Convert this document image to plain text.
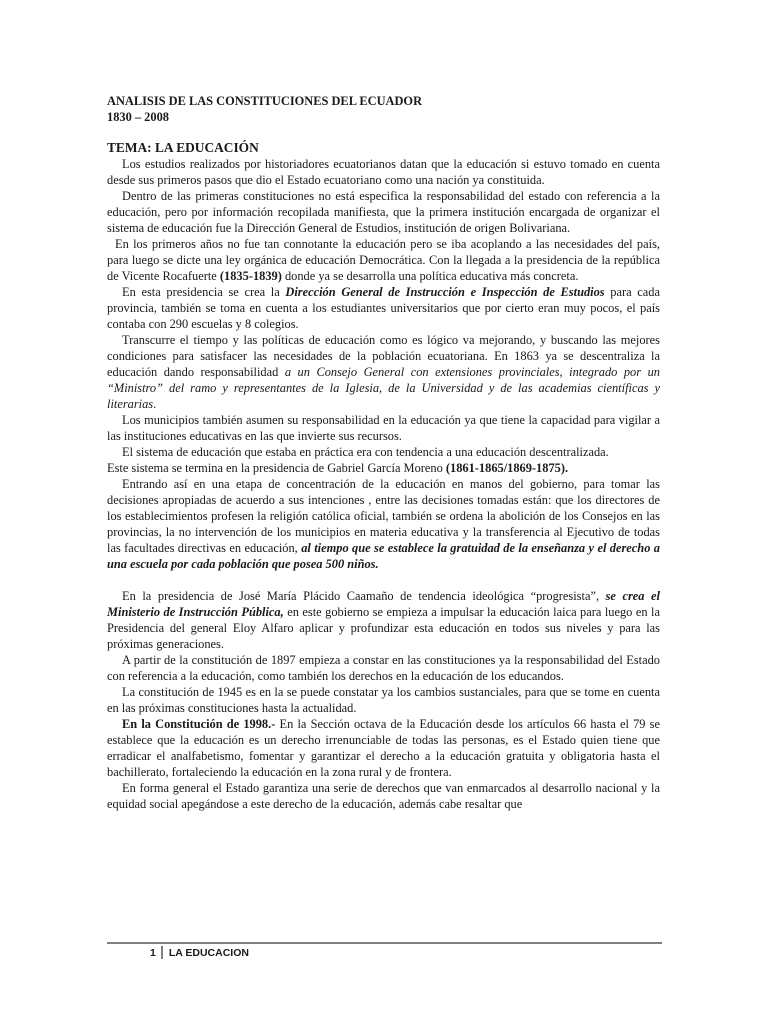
ANALISIS DE LAS CONSTITUCIONES DEL ECUADOR

1830 – 2008

TEMA: LA EDUCACIÓN

Los estudios realizados por historiadores ecuatorianos datan que la educación si estuvo tomado en cuenta desde sus primeros pasos que dio el Estado ecuatoriano como una nación ya constituida.

Dentro de las primeras constituciones no está especifica la responsabilidad del estado con referencia a la educación, pero por información recopilada manifiesta, que la primera institución encargada de organizar el sistema de educación fue la Dirección General de Estudios, institución de origen Bolivariana.

En los primeros años no fue tan connotante la educación pero se iba acoplando a las necesidades del país, para luego se dicte una ley orgánica de educación Democrática. Con la llegada a la presidencia de la república de Vicente Rocafuerte (1835-1839) donde ya se desarrolla una política educativa más concreta.

En esta presidencia se crea la Dirección General de Instrucción e Inspección de Estudios para cada provincia, también se toma en cuenta a los estudiantes universitarios que por cierto eran muy pocos, el país contaba con 290 escuelas y 8 colegios.

Transcurre el tiempo y las políticas de educación como es lógico va mejorando, y buscando las mejores condiciones para satisfacer las necesidades de la población ecuatoriana. En 1863 ya se descentraliza la educación dando responsabilidad a un Consejo General con extensiones provinciales, integrado por un “Ministro” del ramo y representantes de la Iglesia, de la Universidad y de las academias científicas y literarias.

Los municipios también asumen su responsabilidad en la educación ya que tiene la capacidad para vigilar a las instituciones educativas en las que invierte sus recursos.

El sistema de educación que estaba en práctica era con tendencia a una educación descentralizada.

Este sistema se termina en la presidencia de Gabriel García Moreno (1861-1865/1869-1875).

Entrando así en una etapa de concentración de la educación en manos del gobierno, para tomar las decisiones apropiadas de acuerdo a sus intenciones , entre las decisiones tomadas están: que los directores de los establecimientos profesen la religión católica oficial, también se ordena la abolición de los Consejos en las provincias, la no intervención de los municipios en materia educativa y la transferencia al Ejecutivo de todas las facultades directivas en educación, al tiempo que se establece la gratuidad de la enseñanza y el derecho a una escuela por cada población que posea 500 niños.

En la presidencia de José María Plácido Caamaño de tendencia ideológica “progresista”, se crea el Ministerio de Instrucción Pública, en este gobierno se empieza a impulsar la educación laica para luego en la Presidencia del general Eloy Alfaro aplicar y profundizar esta educación en todos sus niveles y para las próximas generaciones.

A partir de la constitución de 1897 empieza a constar en las constituciones ya la responsabilidad del Estado con referencia a la educación, como también los derechos en la educación de los educandos.

La constitución de 1945 es en la se puede constatar ya los cambios sustanciales, para que se tome en cuenta en las próximas constituciones hasta la actualidad.

En la Constitución de 1998.- En la Sección octava de la Educación desde los artículos 66 hasta el 79 se establece que la educación es un derecho irrenunciable de todas las personas, es el Estado quien tiene que erradicar el analfabetismo, fomentar y garantizar el derecho a la educación gratuita y obligatoria hasta el bachillerato, fortaleciendo la educación en la zona rural y de frontera.

En forma general el Estado garantiza una serie de derechos que van enmarcados al desarrollo nacional y la equidad social apegándose a este derecho de la educación, además cabe resaltar que

1	LA EDUCACION
